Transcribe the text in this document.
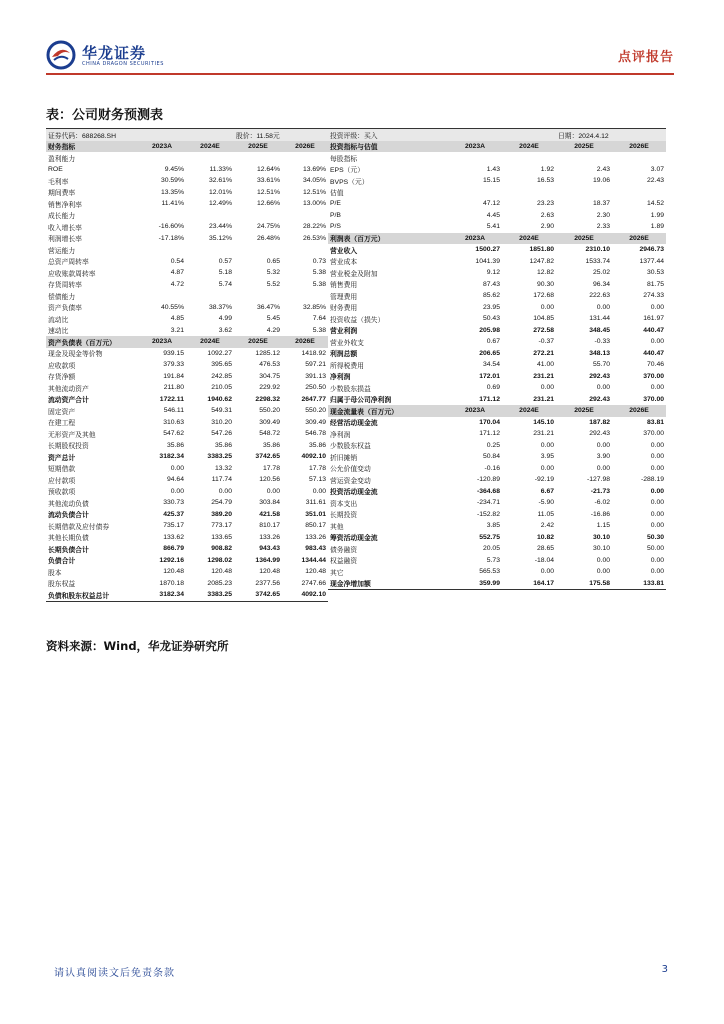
华龙证券
CHINA DRAGON SECURITIES	点评报告
表：公司财务预测表
证券代码：688268.SH			股价：11.58元	
财务指标	2023A	2024E	2025E	2026E
盈利能力				
ROE	9.45%	11.33%	12.64%	13.69%
毛利率	30.59%	32.61%	33.61%	34.05%
期间费率	13.35%	12.01%	12.51%	12.51%
销售净利率	11.41%	12.49%	12.66%	13.00%
成长能力				
收入增长率	-16.60%	23.44%	24.75%	28.22%
利润增长率	-17.18%	35.12%	26.48%	26.53%
营运能力				
总资产周转率	0.54	0.57	0.65	0.73
应收账款周转率	4.87	5.18	5.32	5.38
存货周转率	4.72	5.74	5.52	5.38
偿债能力				
资产负债率	40.55%	38.37%	36.47%	32.85%
流动比	4.85	4.99	5.45	7.64
速动比	3.21	3.62	4.29	5.38
资产负债表（百万元）	2023A	2024E	2025E	2026E
现金及现金等价物	939.15	1092.27	1285.12	1418.92
应收款项	379.33	395.65	476.53	597.21
存货净额	191.84	242.85	304.75	391.13
其他流动资产	211.80	210.05	229.92	250.50
流动资产合计	1722.11	1940.62	2298.32	2647.77
固定资产	546.11	549.31	550.20	550.20
在建工程	310.63	310.20	309.49	309.49
无形资产及其他	547.62	547.26	548.72	546.78
长期股权投资	35.86	35.86	35.86	35.86
资产总计	3182.34	3383.25	3742.65	4092.10
短期借款	0.00	13.32	17.78	17.78
应付款项	94.64	117.74	120.56	57.13
预收款项	0.00	0.00	0.00	0.00
其他流动负债	330.73	254.79	303.84	311.61
流动负债合计	425.37	389.20	421.58	351.01
长期借款及应付债券	735.17	773.17	810.17	850.17
其他长期负债	133.62	133.65	133.26	133.26
长期负债合计	866.79	908.82	943.43	983.43
负债合计	1292.16	1298.02	1364.99	1344.44
股本	120.48	120.48	120.48	120.48
股东权益	1870.18	2085.23	2377.56	2747.66
负债和股东权益总计	3182.34	3383.25	3742.65	4092.10
投资评级：买入			日期：2024.4.12	
投资指标与估值	2023A	2024E	2025E	2026E
每股指标				
EPS（元）	1.43	1.92	2.43	3.07
BVPS（元）	15.15	16.53	19.06	22.43
估值				
P/E	47.12	23.23	18.37	14.52
P/B	4.45	2.63	2.30	1.99
P/S	5.41	2.90	2.33	1.89
利润表（百万元）	2023A	2024E	2025E	2026E
营业收入	1500.27	1851.80	2310.10	2946.73
营业成本	1041.39	1247.82	1533.74	1377.44
营业税金及附加	9.12	12.82	25.02	30.53
销售费用	87.43	90.30	96.34	81.75
管理费用	85.62	172.68	222.63	274.33
财务费用	23.95	0.00	0.00	0.00
投资收益（损失）	50.43	104.85	131.44	161.97
营业利润	205.98	272.58	348.45	440.47
营业外收支	0.67	-0.37	-0.33	0.00
利润总额	206.65	272.21	348.13	440.47
所得税费用	34.54	41.00	55.70	70.46
净利润	172.01	231.21	292.43	370.00
少数股东损益	0.69	0.00	0.00	0.00
归属于母公司净利润	171.12	231.21	292.43	370.00
现金流量表（百万元）	2023A	2024E	2025E	2026E
经营活动现金流	170.04	145.10	187.82	83.81
净利润	171.12	231.21	292.43	370.00
少数股东权益	0.25	0.00	0.00	0.00
折旧摊销	50.84	3.95	3.90	0.00
公允价值变动	-0.16	0.00	0.00	0.00
营运资金变动	-120.89	-92.19	-127.98	-288.19
投资活动现金流	-364.68	6.67	-21.73	0.00
资本支出	-234.71	-5.90	-6.02	0.00
长期投资	-152.82	11.05	-16.86	0.00
其他	3.85	2.42	1.15	0.00
筹资活动现金流	552.75	10.82	30.10	50.30
债务融资	20.05	28.65	30.10	50.00
权益融资	5.73	-18.04	0.00	0.00
其它	565.53	0.00	0.00	0.00
现金净增加额	359.99	164.17	175.58	133.81
资料来源：Wind，华龙证券研究所
请认真阅读文后免责条款	3
